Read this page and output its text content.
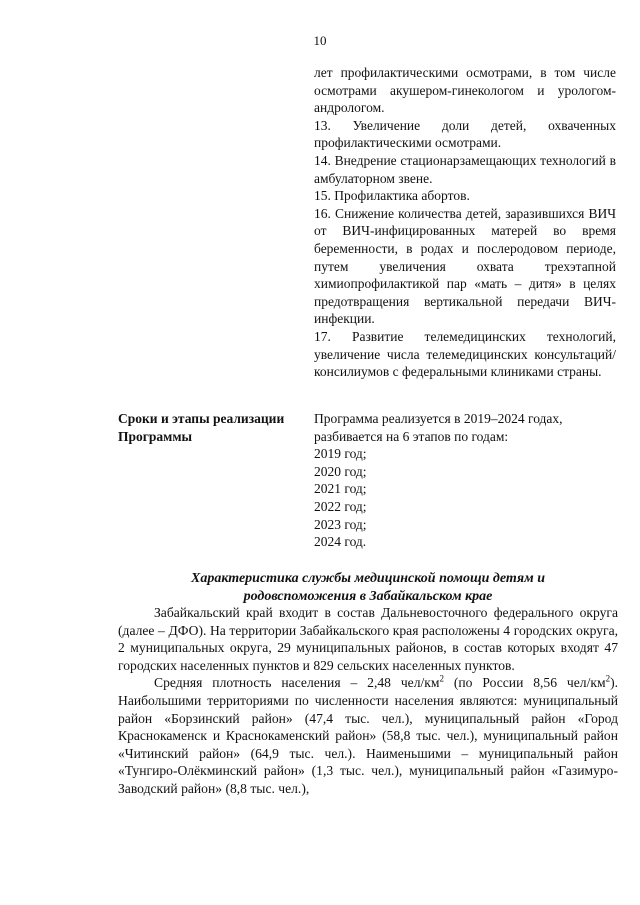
10

лет профилактическими осмотрами, в том числе осмотрами акушером-гинекологом и урологом-андрологом.

13. Увеличение доли детей, охваченных профилактическими осмотрами.

14. Внедрение стационарзамещающих технологий в амбулаторном звене.

15. Профилактика абортов.

16. Снижение количества детей, заразившихся ВИЧ от ВИЧ-инфицированных матерей во время беременности, в родах и послеродовом периоде, путем увеличения охвата трехэтапной химиопрофилактикой пар «мать – дитя» в целях предотвращения вертикальной передачи ВИЧ-инфекции.

17. Развитие телемедицинских технологий, увеличение числа телемедицинских консультаций/консилиумов с федеральными клиниками страны.

Сроки и этапы реализации Программы

Программа реализуется в 2019–2024 годах, разбивается на 6 этапов по годам:

2019 год;

2020 год;

2021 год;

2022 год;

2023 год;

2024 год.

Характеристика службы медицинской помощи детям и
родовспоможения в Забайкальском крае

Забайкальский край входит в состав Дальневосточного федерального округа (далее – ДФО). На территории Забайкальского края расположены 4 городских округа, 2 муниципальных округа, 29 муниципальных районов, в состав которых входят 47 городских населенных пунктов и 829 сельских населенных пунктов.

Средняя плотность населения – 2,48 чел/$км^2$ (по России 8,56 чел/$км^2$). Наибольшими территориями по численности населения являются: муниципальный район «Борзинский район» (47,4 тыс. чел.), муниципальный район «Город Краснокаменск и Краснокаменский район» (58,8 тыс. чел.), муниципальный район «Читинский район» (64,9 тыс. чел.). Наименьшими – муниципальный район «Тунгиро-Олёкминский район» (1,3 тыс. чел.), муниципальный район «Газимуро-Заводский район» (8,8 тыс. чел.),
